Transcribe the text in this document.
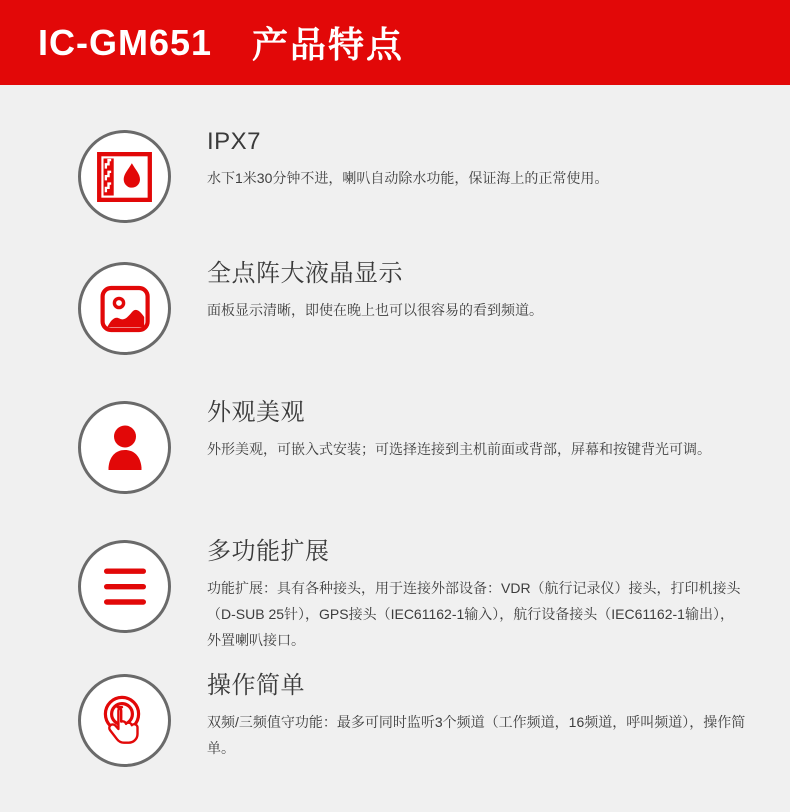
IC-GM651 产品特点
IPX7
水下1米30分钟不进，喇叭自动除水功能，保证海上的正常使用。
全点阵大液晶显示
面板显示清晰，即使在晚上也可以很容易的看到频道。
外观美观
外形美观，可嵌入式安装；可选择连接到主机前面或背部，屏幕和按键背光可调。
多功能扩展
功能扩展：具有各种接头，用于连接外部设备：VDR（航行记录仪）接头，打印机接头（D-SUB 25针），GPS接头（IEC61162-1输入），航行设备接头（IEC61162-1输出），外置喇叭接口。
操作简单
双频/三频值守功能：最多可同时监听3个频道（工作频道，16频道，呼叫频道），操作简单。
